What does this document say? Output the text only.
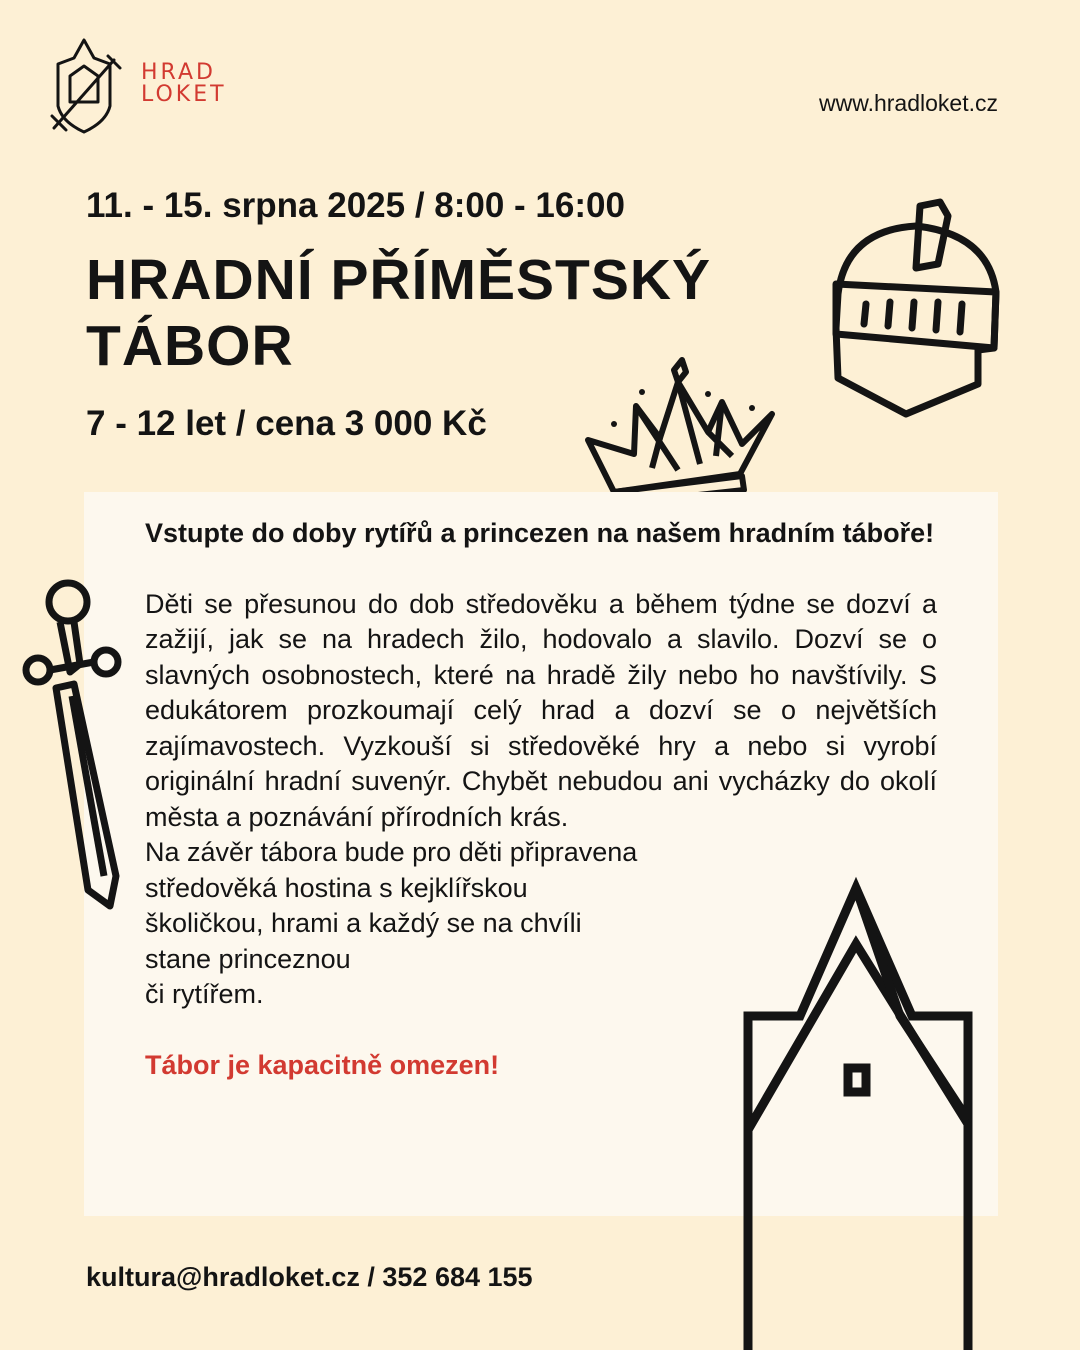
HRAD
LOKET	www.hradloket.cz
11. - 15. srpna 2025 / 8:00 - 16:00
HRADNÍ PŘÍMĚSTSKÝ
TÁBOR
7 - 12 let / cena 3 000 Kč

Vstupte do doby rytířů a princezen na našem hradním táboře!

Děti se přesunou do dob středověku a během týdne se dozví a zažijí, jak se na hradech žilo, hodovalo a slavilo. Dozví se o slavných osobnostech, které na hradě žily nebo ho navštívily. S edukátorem prozkoumají celý hrad a dozví se o největších zajímavostech. Vyzkouší si středověké hry a nebo si vyrobí originální hradní suvenýr. Chybět nebudou ani vycházky do okolí města a poznávání přírodních krás.

Na závěr tábora bude pro děti připravena
středověká hostina s kejklířskou
školičkou, hrami a každý se na chvíli
stane princeznou
či rytířem.
Tábor je kapacitně omezen!
kultura@hradloket.cz / 352 684 155
